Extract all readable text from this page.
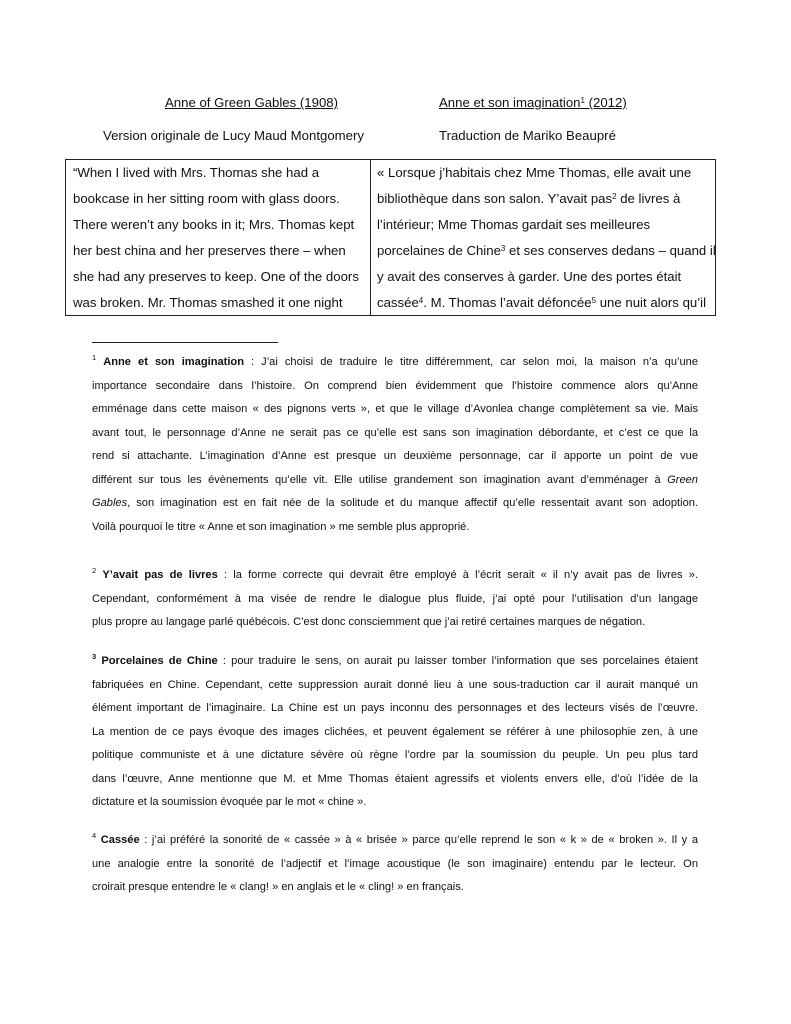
Anne of Green Gables (1908)	Anne et son imagination$^1$ (2012)
Version originale de Lucy Maud Montgomery	Traduction de Mariko Beaupré
“When I lived with Mrs. Thomas she had a
bookcase in her sitting room with glass doors.
There weren’t any books in it; Mrs. Thomas kept
her best china and her preserves there – when
she had any preserves to keep. One of the doors
was broken. Mr. Thomas smashed it one night
« Lorsque j’habitais chez Mme Thomas, elle avait une
bibliothèque dans son salon. Y’avait pas$^2$ de livres à
l’intérieur; Mme Thomas gardait ses meilleures
porcelaines de Chine$^3$ et ses conserves dedans – quand il
y avait des conserves à garder. Une des portes était
cassée$^4$. M. Thomas l’avait défoncée$^5$ une nuit alors qu’il
$^1$ Anne et son imagination : J’ai choisi de traduire le titre différemment, car selon moi, la maison n’a qu’une
importance secondaire dans l’histoire. On comprend bien évidemment que l’histoire commence alors qu’Anne
emménage dans cette maison « des pignons verts », et que le village d’Avonlea change complètement sa vie. Mais
avant tout, le personnage d’Anne ne serait pas ce qu’elle est sans son imagination débordante, et c’est ce que la
rend si attachante. L’imagination d’Anne est presque un deuxième personnage, car il apporte un point de vue
différent sur tous les évènements qu’elle vit. Elle utilise grandement son imagination avant d’emménager à Green
Gables, son imagination est en fait née de la solitude et du manque affectif qu’elle ressentait avant son adoption.
Voilà pourquoi le titre « Anne et son imagination » me semble plus approprié.
$^2$ Y’avait pas de livres : la forme correcte qui devrait être employé à l’écrit serait « il n’y avait pas de livres ».
Cependant, conformément à ma visée de rendre le dialogue plus fluide, j’ai opté pour l’utilisation d’un langage
plus propre au langage parlé québécois. C’est donc consciemment que j’ai retiré certaines marques de négation.
$^3$ Porcelaines de Chine : pour traduire le sens, on aurait pu laisser tomber l’information que ses porcelaines étaient
fabriquées en Chine. Cependant, cette suppression aurait donné lieu à une sous-traduction car il aurait manqué un
élément important de l’imaginaire. La Chine est un pays inconnu des personnages et des lecteurs visés de l’œuvre.
La mention de ce pays évoque des images clichées, et peuvent également se référer à une philosophie zen, à une
politique communiste et à une dictature sévère où règne l’ordre par la soumission du peuple. Un peu plus tard
dans l’œuvre, Anne mentionne que M. et Mme Thomas étaient agressifs et violents envers elle, d’où l’idée de la
dictature et la soumission évoquée par le mot « chine ».
$^4$ Cassée : j’ai préféré la sonorité de « cassée » à « brisée » parce qu’elle reprend le son « k » de « broken ». Il y a
une analogie entre la sonorité de l’adjectif et l’image acoustique (le son imaginaire) entendu par le lecteur. On
croirait presque entendre le « clang! » en anglais et le « cling! » en français.
